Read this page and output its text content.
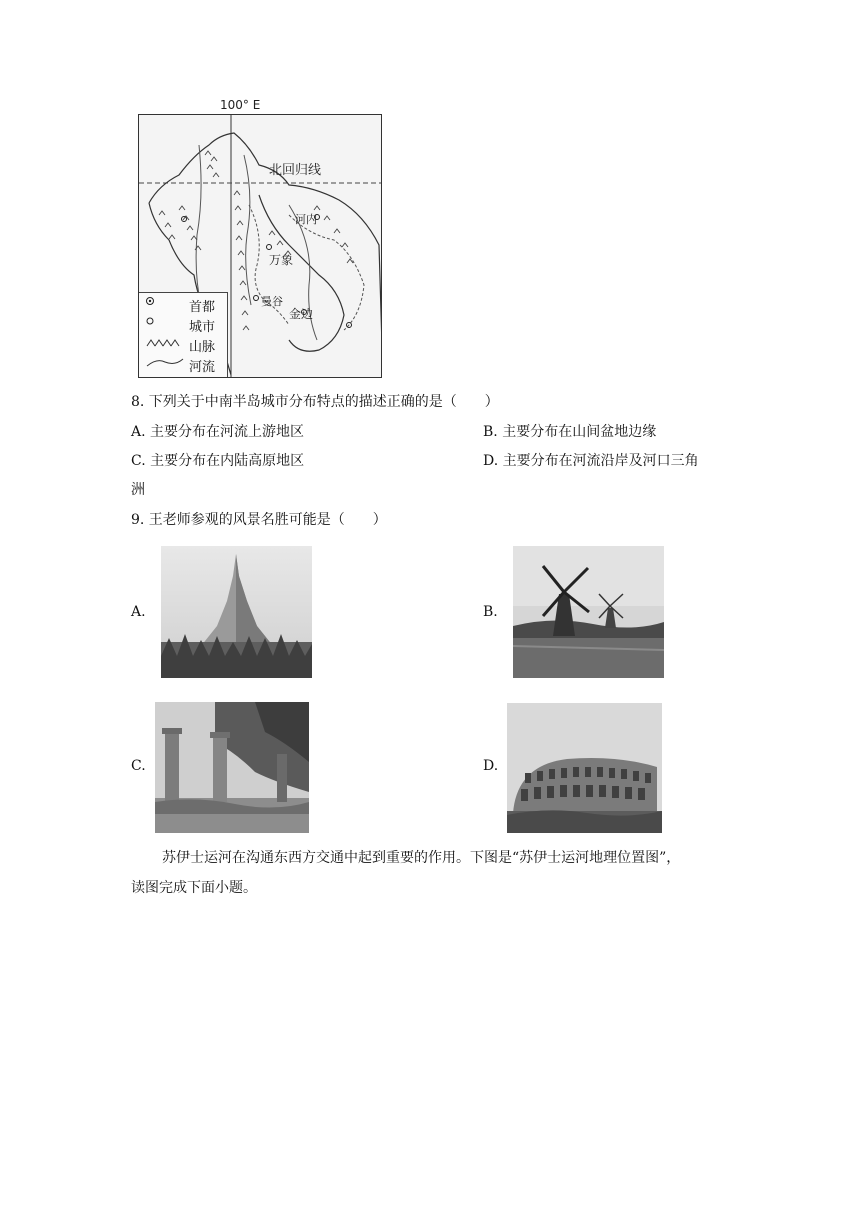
100° E
北回归线
河内
万象
曼谷
金边
首都
城市
山脉
河流
8. 下列关于中南半岛城市分布特点的描述正确的是（　　）
A. 主要分布在河流上游地区	B. 主要分布在山间盆地边缘
C. 主要分布在内陆高原地区	D. 主要分布在河流沿岸及河口三角
洲
9. 王老师参观的风景名胜可能是（　　）
A.	B.
C.	D.
苏伊士运河在沟通东西方交通中起到重要的作用。下图是“苏伊士运河地理位置图”，
读图完成下面小题。
